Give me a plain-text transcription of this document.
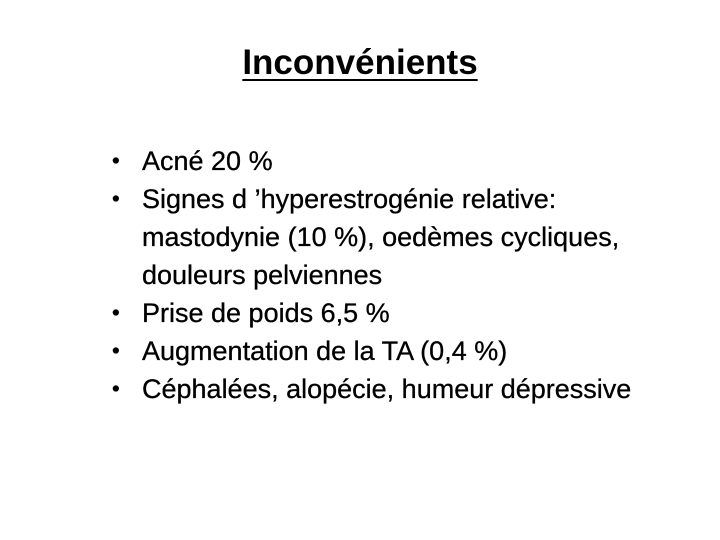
Inconvénients
• Acné 20 %
• Signes d ’hyperestrogénie relative: mastodynie (10 %), oedèmes cycliques, douleurs pelviennes
• Prise de poids 6,5 %
• Augmentation de la TA (0,4 %)
• Céphalées, alopécie, humeur dépressive
